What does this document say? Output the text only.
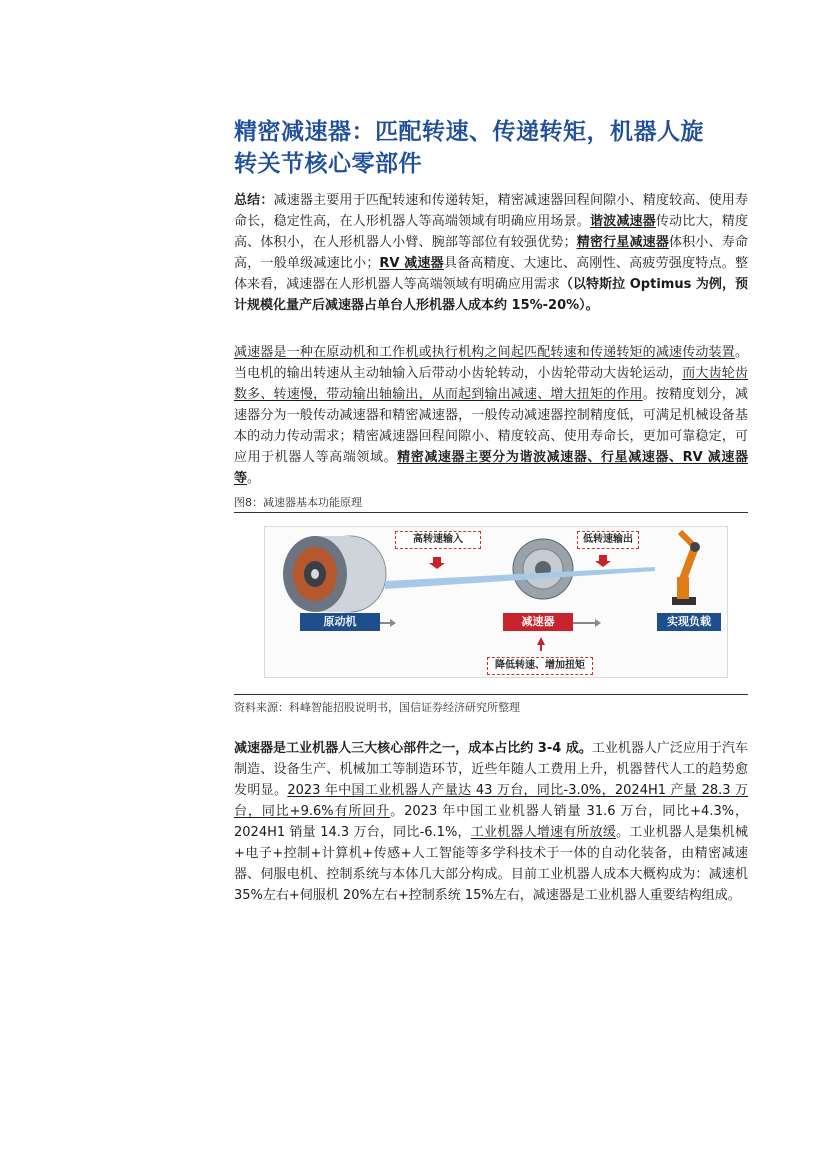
精密减速器：匹配转速、传递转矩，机器人旋
转关节核心零部件

总结：减速器主要用于匹配转速和传递转矩，精密减速器回程间隙小、精度较高、使用寿命长，稳定性高，在人形机器人等高端领域有明确应用场景。谐波减速器传动比大，精度高、体积小，在人形机器人小臂、腕部等部位有较强优势；精密行星减速器体积小、寿命高，一般单级减速比小；RV 减速器具备高精度、大速比、高刚性、高疲劳强度特点。整体来看，减速器在人形机器人等高端领域有明确应用需求（以特斯拉 Optimus 为例，预计规模化量产后减速器占单台人形机器人成本约 15%-20%）。

减速器是一种在原动机和工作机或执行机构之间起匹配转速和传递转矩的减速传动装置。当电机的输出转速从主动轴输入后带动小齿轮转动，小齿轮带动大齿轮运动，而大齿轮齿数多、转速慢，带动输出轴输出，从而起到输出减速、增大扭矩的作用。按精度划分，减速器分为一般传动减速器和精密减速器，一般传动减速器控制精度低，可满足机械设备基本的动力传动需求；精密减速器回程间隙小、精度较高、使用寿命长，更加可靠稳定，可应用于机器人等高端领域。精密减速器主要分为谐波减速器、行星减速器、RV 减速器等。

图8：减速器基本功能原理
高转速输入	低转速输出
原动机	减速器	实现负载
降低转速、增加扭矩
资料来源：科峰智能招股说明书，国信证券经济研究所整理

减速器是工业机器人三大核心部件之一，成本占比约 3-4 成。工业机器人广泛应用于汽车制造、设备生产、机械加工等制造环节，近些年随人工费用上升，机器替代人工的趋势愈发明显。2023 年中国工业机器人产量达 43 万台，同比-3.0%，2024H1 产量 28.3 万台，同比+9.6%有所回升。2023 年中国工业机器人销量 31.6 万台，同比+4.3%，2024H1 销量 14.3 万台，同比-6.1%，工业机器人增速有所放缓。工业机器人是集机械+电子+控制+计算机+传感+人工智能等多学科技术于一体的自动化装备，由精密减速器、伺服电机、控制系统与本体几大部分构成。目前工业机器人成本大概构成为：减速机 35%左右+伺服机 20%左右+控制系统 15%左右，减速器是工业机器人重要结构组成。
